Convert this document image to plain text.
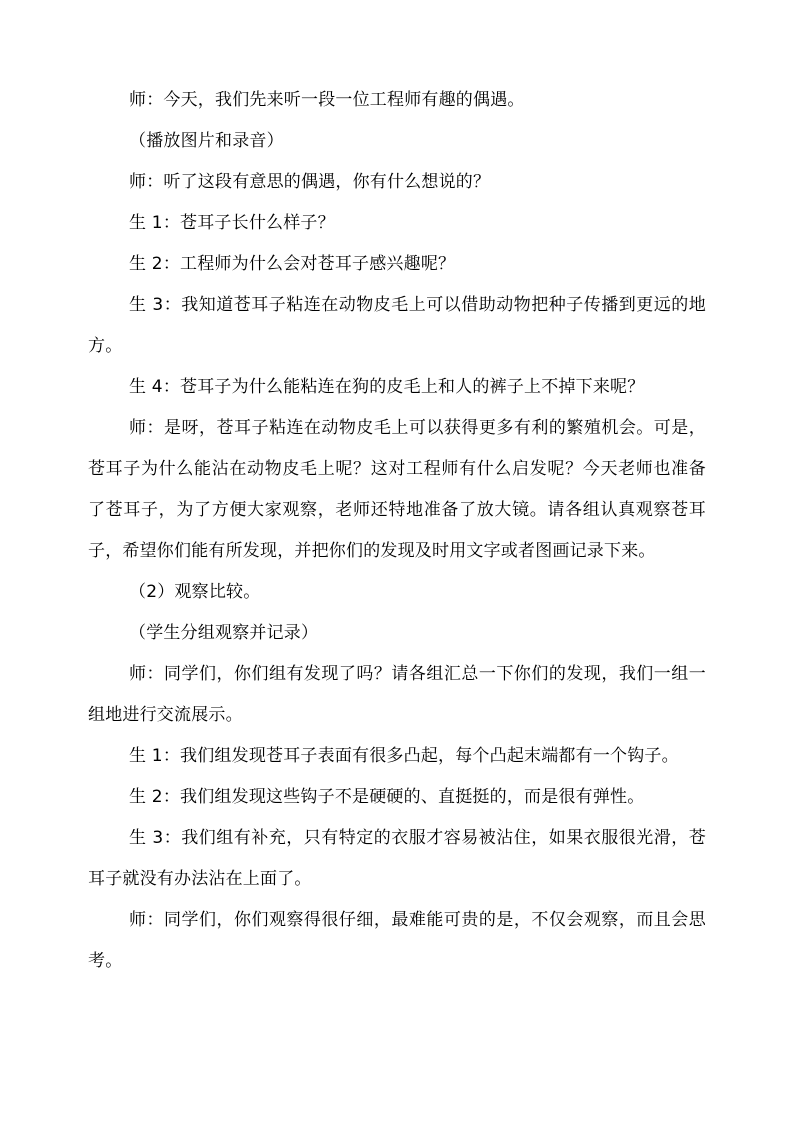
师：今天，我们先来听一段一位工程师有趣的偶遇。

（播放图片和录音）

师：听了这段有意思的偶遇，你有什么想说的？

生 1：苍耳子长什么样子？

生 2：工程师为什么会对苍耳子感兴趣呢？

生 3：我知道苍耳子粘连在动物皮毛上可以借助动物把种子传播到更远的地方。

生 4：苍耳子为什么能粘连在狗的皮毛上和人的裤子上不掉下来呢？

师：是呀，苍耳子粘连在动物皮毛上可以获得更多有利的繁殖机会。可是，苍耳子为什么能沾在动物皮毛上呢？这对工程师有什么启发呢？今天老师也准备了苍耳子，为了方便大家观察，老师还特地准备了放大镜。请各组认真观察苍耳子，希望你们能有所发现，并把你们的发现及时用文字或者图画记录下来。

（2）观察比较。

（学生分组观察并记录）

师：同学们，你们组有发现了吗？请各组汇总一下你们的发现，我们一组一组地进行交流展示。

生 1：我们组发现苍耳子表面有很多凸起，每个凸起末端都有一个钩子。

生 2：我们组发现这些钩子不是硬硬的、直挺挺的，而是很有弹性。

生 3：我们组有补充，只有特定的衣服才容易被沾住，如果衣服很光滑，苍耳子就没有办法沾在上面了。

师：同学们，你们观察得很仔细，最难能可贵的是，不仅会观察，而且会思考。
